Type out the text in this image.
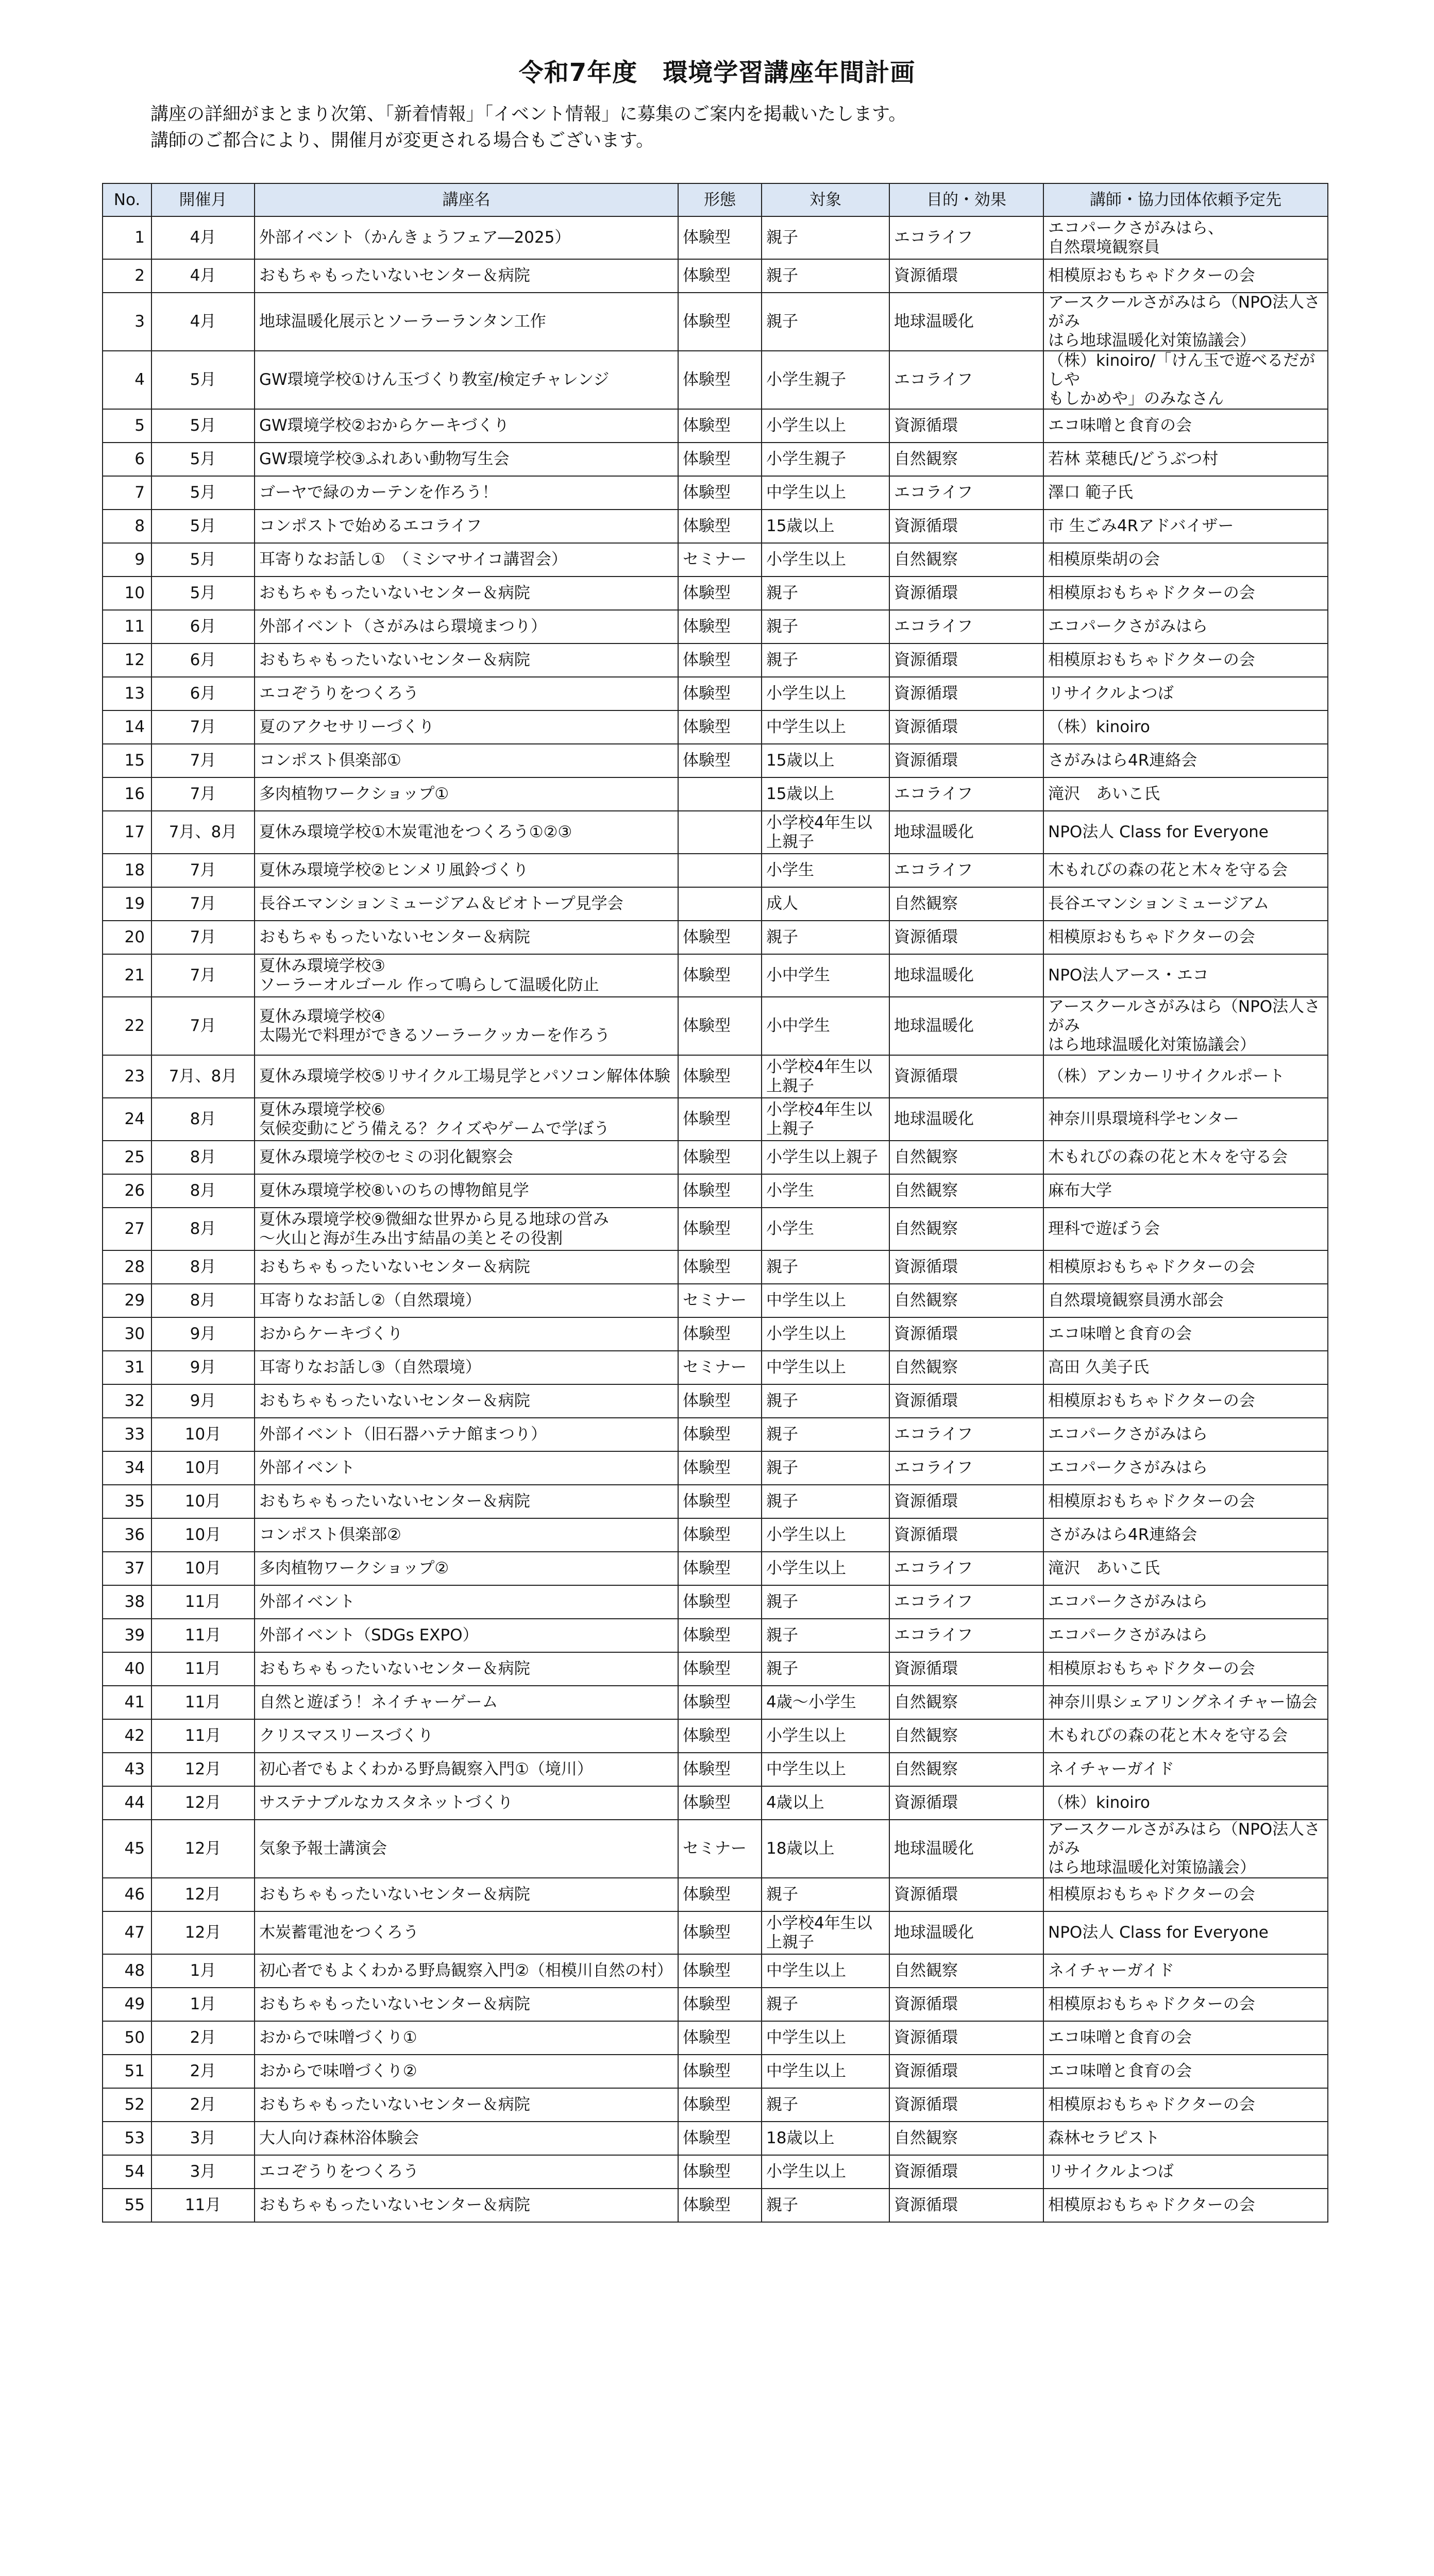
令和7年度　環境学習講座年間計画
講座の詳細がまとまり次第、「新着情報」「イベント情報」に募集のご案内を掲載いたします。
講師のご都合により、開催月が変更される場合もございます。
No.	開催月	講座名	形態	対象	目的・効果	講師・協力団体依頼予定先
1	4月	外部イベント（かんきょうフェア―2025）	体験型	親子	エコライフ	エコパークさがみはら、
自然環境観察員
2	4月	おもちゃもったいないセンター＆病院	体験型	親子	資源循環	相模原おもちゃドクターの会
3	4月	地球温暖化展示とソーラーランタン工作	体験型	親子	地球温暖化	アースクールさがみはら（NPO法人さがみ
はら地球温暖化対策協議会）
4	5月	GW環境学校①けん玉づくり教室/検定チャレンジ	体験型	小学生親子	エコライフ	（株）kinoiro/「けん玉で遊べるだがしや
もしかめや」のみなさん
5	5月	GW環境学校②おからケーキづくり	体験型	小学生以上	資源循環	エコ味噌と食育の会
6	5月	GW環境学校③ふれあい動物写生会	体験型	小学生親子	自然観察	若林 菜穂氏/どうぶつ村
7	5月	ゴーヤで緑のカーテンを作ろう！	体験型	中学生以上	エコライフ	澤口 範子氏
8	5月	コンポストで始めるエコライフ	体験型	15歳以上	資源循環	市 生ごみ4Rアドバイザー
9	5月	耳寄りなお話し①　（ミシマサイコ講習会）	セミナー	小学生以上	自然観察	相模原柴胡の会
10	5月	おもちゃもったいないセンター＆病院	体験型	親子	資源循環	相模原おもちゃドクターの会
11	6月	外部イベント（さがみはら環境まつり）	体験型	親子	エコライフ	エコパークさがみはら
12	6月	おもちゃもったいないセンター＆病院	体験型	親子	資源循環	相模原おもちゃドクターの会
13	6月	エコぞうりをつくろう	体験型	小学生以上	資源循環	リサイクルよつば
14	7月	夏のアクセサリーづくり	体験型	中学生以上	資源循環	（株）kinoiro
15	7月	コンポスト倶楽部①	体験型	15歳以上	資源循環	さがみはら4R連絡会
16	7月	多肉植物ワークショップ①		15歳以上	エコライフ	滝沢　あいこ氏
17	7月、8月	夏休み環境学校①木炭電池をつくろう①②③		小学校4年生以
上親子	地球温暖化	NPO法人 Class for Everyone
18	7月	夏休み環境学校②ヒンメリ風鈴づくり		小学生	エコライフ	木もれびの森の花と木々を守る会
19	7月	長谷エマンションミュージアム＆ビオトープ見学会		成人	自然観察	長谷エマンションミュージアム
20	7月	おもちゃもったいないセンター＆病院	体験型	親子	資源循環	相模原おもちゃドクターの会
21	7月	夏休み環境学校③
ソーラーオルゴール 作って鳴らして温暖化防止	体験型	小中学生	地球温暖化	NPO法人アース・エコ
22	7月	夏休み環境学校④
太陽光で料理ができるソーラークッカーを作ろう	体験型	小中学生	地球温暖化	アースクールさがみはら（NPO法人さがみ
はら地球温暖化対策協議会）
23	7月、8月	夏休み環境学校⑤リサイクル工場見学とパソコン解体体験	体験型	小学校4年生以
上親子	資源循環	（株）アンカーリサイクルポート
24	8月	夏休み環境学校⑥
気候変動にどう備える？クイズやゲームで学ぼう	体験型	小学校4年生以
上親子	地球温暖化	神奈川県環境科学センター
25	8月	夏休み環境学校⑦セミの羽化観察会	体験型	小学生以上親子	自然観察	木もれびの森の花と木々を守る会
26	8月	夏休み環境学校⑧いのちの博物館見学	体験型	小学生	自然観察	麻布大学
27	8月	夏休み環境学校⑨微細な世界から見る地球の営み
～火山と海が生み出す結晶の美とその役割	体験型	小学生	自然観察	理科で遊ぼう会
28	8月	おもちゃもったいないセンター＆病院	体験型	親子	資源循環	相模原おもちゃドクターの会
29	8月	耳寄りなお話し②（自然環境）	セミナー	中学生以上	自然観察	自然環境観察員湧水部会
30	9月	おからケーキづくり	体験型	小学生以上	資源循環	エコ味噌と食育の会
31	9月	耳寄りなお話し③（自然環境）	セミナー	中学生以上	自然観察	高田 久美子氏
32	9月	おもちゃもったいないセンター＆病院	体験型	親子	資源循環	相模原おもちゃドクターの会
33	10月	外部イベント（旧石器ハテナ館まつり）	体験型	親子	エコライフ	エコパークさがみはら
34	10月	外部イベント	体験型	親子	エコライフ	エコパークさがみはら
35	10月	おもちゃもったいないセンター＆病院	体験型	親子	資源循環	相模原おもちゃドクターの会
36	10月	コンポスト倶楽部②	体験型	小学生以上	資源循環	さがみはら4R連絡会
37	10月	多肉植物ワークショップ②	体験型	小学生以上	エコライフ	滝沢　あいこ氏
38	11月	外部イベント	体験型	親子	エコライフ	エコパークさがみはら
39	11月	外部イベント（SDGs EXPO）	体験型	親子	エコライフ	エコパークさがみはら
40	11月	おもちゃもったいないセンター＆病院	体験型	親子	資源循環	相模原おもちゃドクターの会
41	11月	自然と遊ぼう！ネイチャーゲーム	体験型	4歳～小学生	自然観察	神奈川県シェアリングネイチャー協会
42	11月	クリスマスリースづくり	体験型	小学生以上	自然観察	木もれびの森の花と木々を守る会
43	12月	初心者でもよくわかる野鳥観察入門①（境川）	体験型	中学生以上	自然観察	ネイチャーガイド
44	12月	サステナブルなカスタネットづくり	体験型	4歳以上	資源循環	（株）kinoiro
45	12月	気象予報士講演会	セミナー	18歳以上	地球温暖化	アースクールさがみはら（NPO法人さがみ
はら地球温暖化対策協議会）
46	12月	おもちゃもったいないセンター＆病院	体験型	親子	資源循環	相模原おもちゃドクターの会
47	12月	木炭蓄電池をつくろう	体験型	小学校4年生以
上親子	地球温暖化	NPO法人 Class for Everyone
48	1月	初心者でもよくわかる野鳥観察入門②（相模川自然の村）	体験型	中学生以上	自然観察	ネイチャーガイド
49	1月	おもちゃもったいないセンター＆病院	体験型	親子	資源循環	相模原おもちゃドクターの会
50	2月	おからで味噌づくり①	体験型	中学生以上	資源循環	エコ味噌と食育の会
51	2月	おからで味噌づくり②	体験型	中学生以上	資源循環	エコ味噌と食育の会
52	2月	おもちゃもったいないセンター＆病院	体験型	親子	資源循環	相模原おもちゃドクターの会
53	3月	大人向け森林浴体験会	体験型	18歳以上	自然観察	森林セラピスト
54	3月	エコぞうりをつくろう	体験型	小学生以上	資源循環	リサイクルよつば
55	11月	おもちゃもったいないセンター＆病院	体験型	親子	資源循環	相模原おもちゃドクターの会
